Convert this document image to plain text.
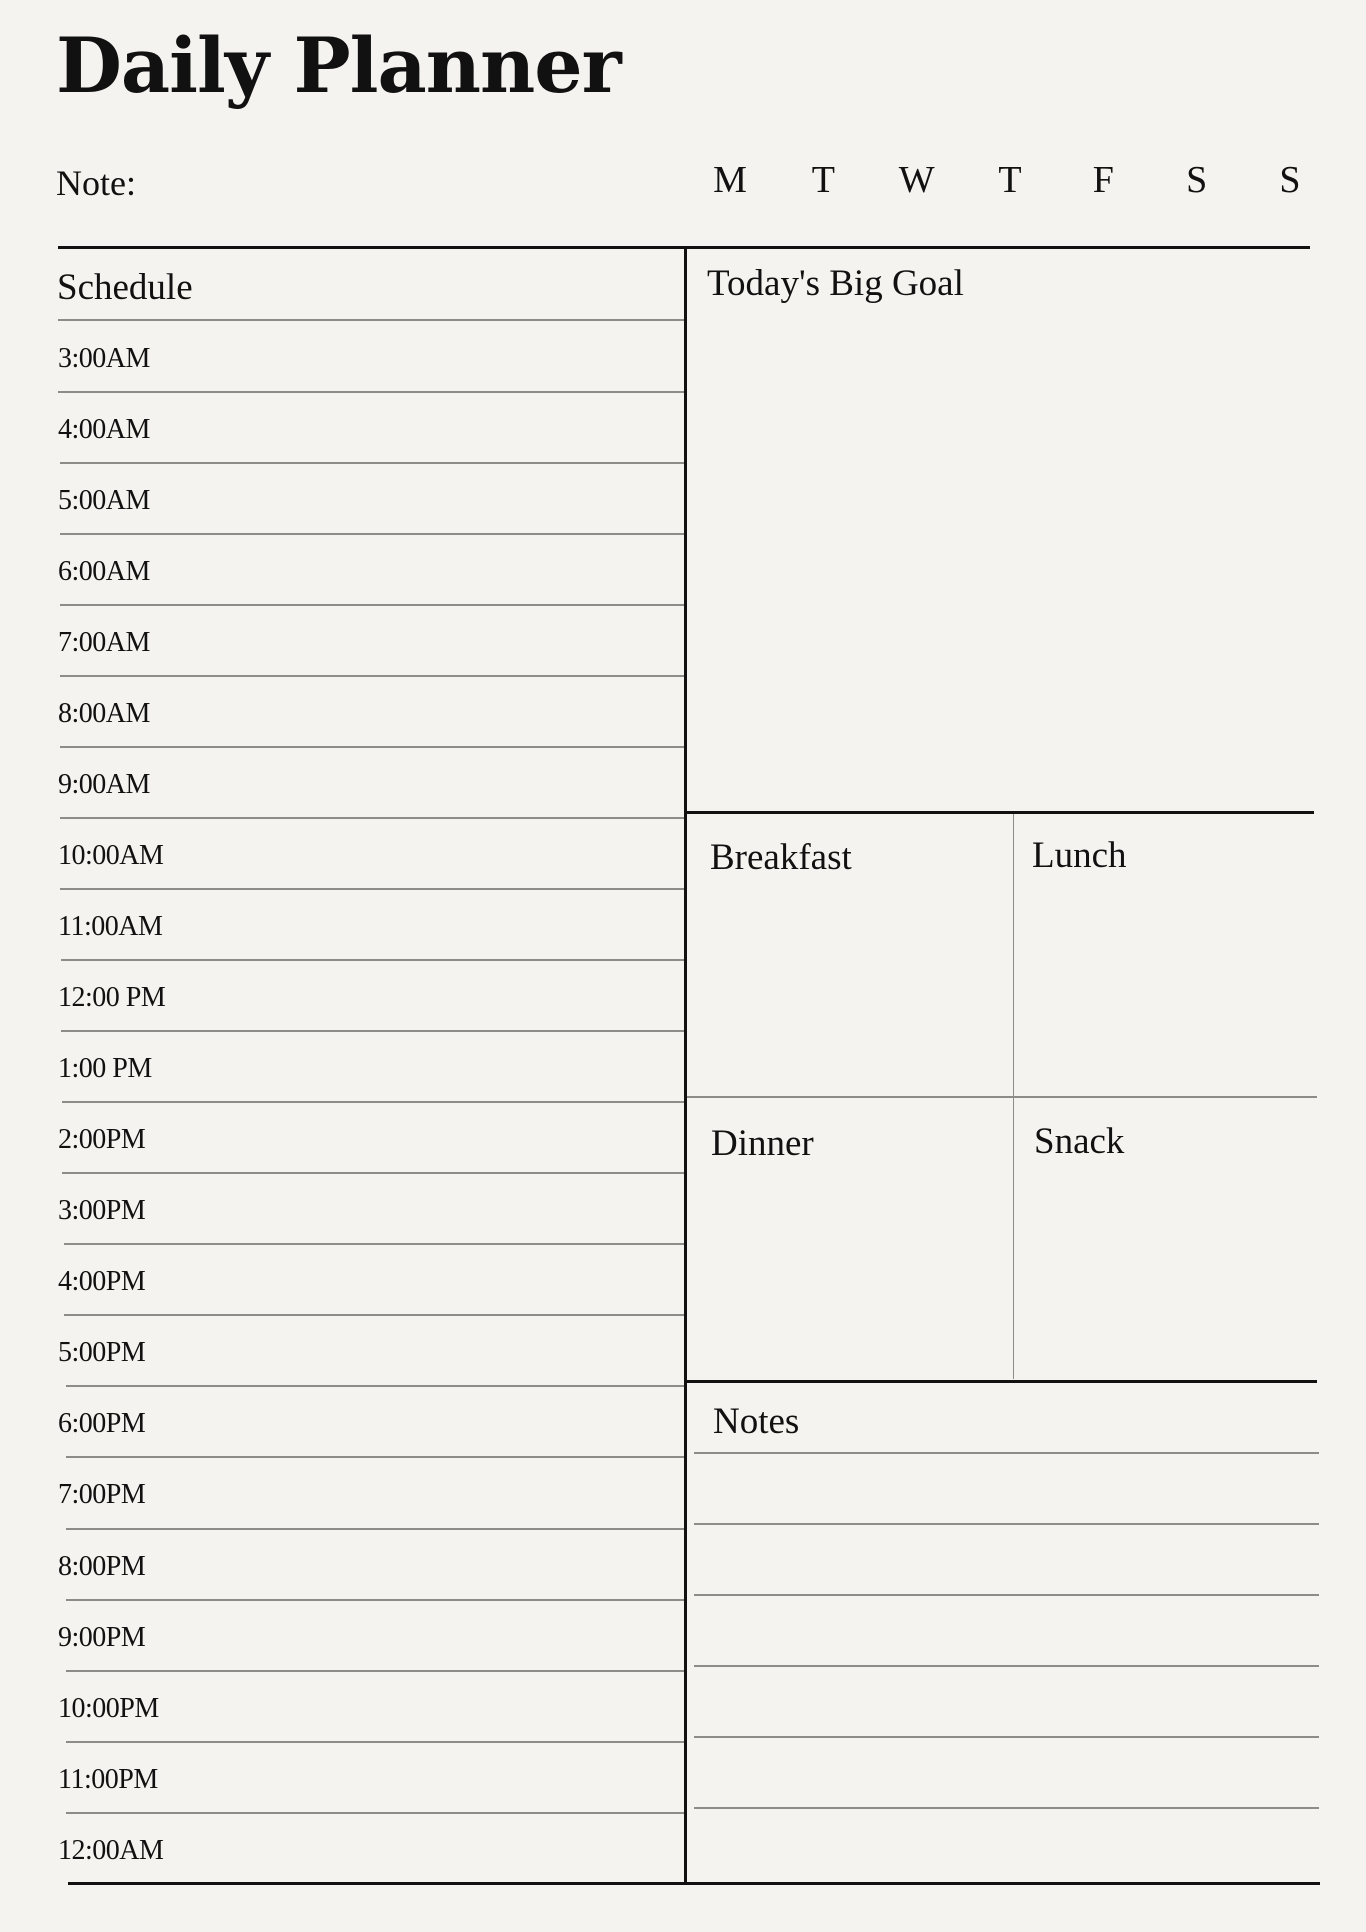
Daily Planner
Note:	M	T	W	T	F	S	S
Schedule
3:00AM
4:00AM
5:00AM
6:00AM
7:00AM
8:00AM
9:00AM
10:00AM
11:00AM
12:00 PM
1:00 PM
2:00PM
3:00PM
4:00PM
5:00PM
6:00PM
7:00PM
8:00PM
9:00PM
10:00PM
11:00PM
12:00AM
Today's Big Goal
Breakfast	Lunch
Dinner	Snack
Notes
